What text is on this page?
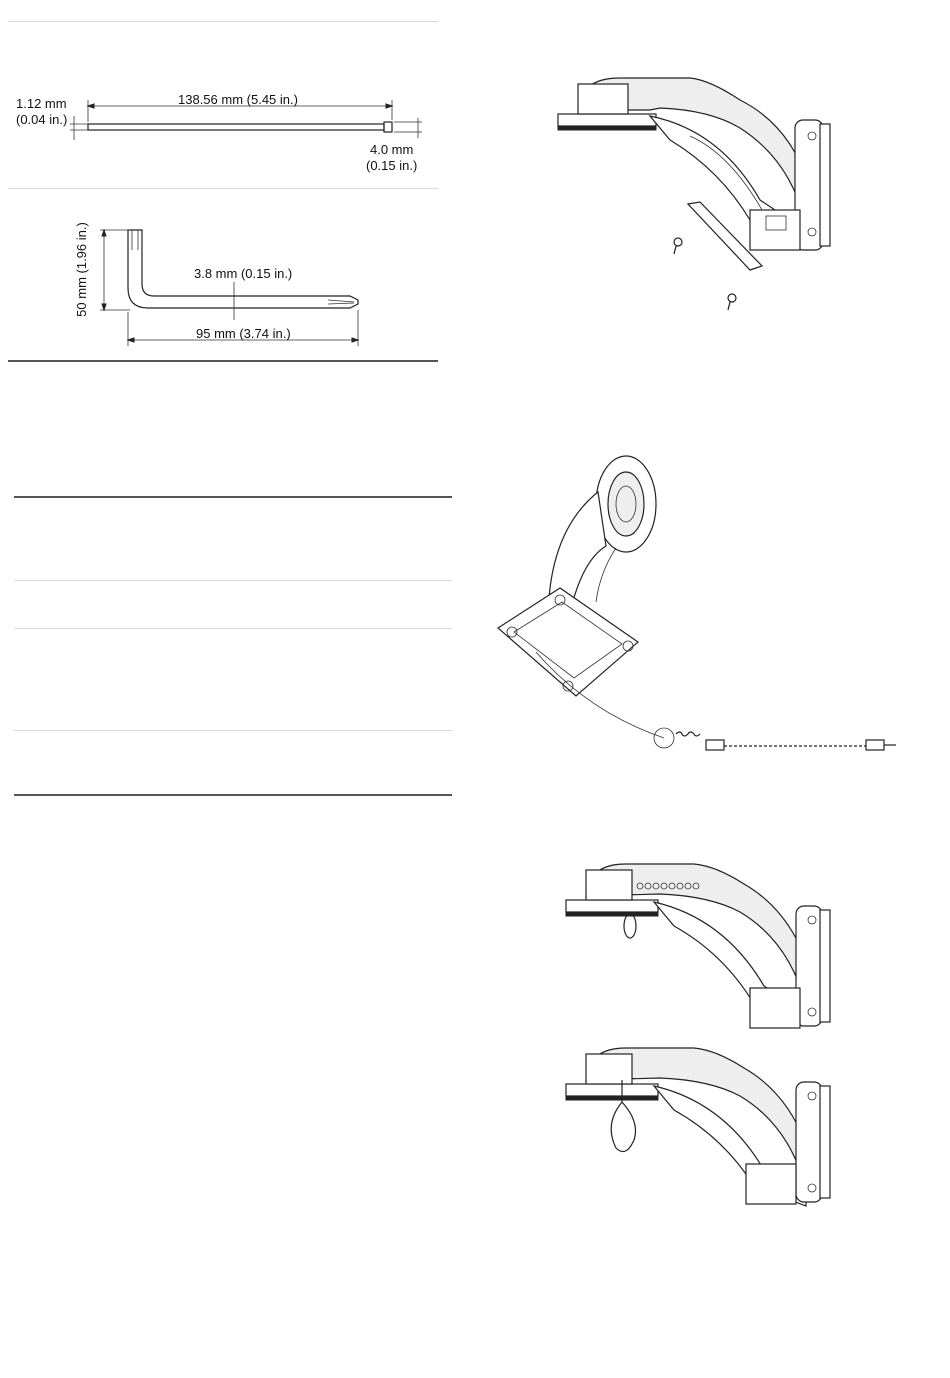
1.12 mm
(0.04 in.)
138.56 mm (5.45 in.)
4.0 mm
(0.15 in.)
50 mm (1.96 in.)	3.8 mm (0.15 in.)
95 mm (3.74 in.)
